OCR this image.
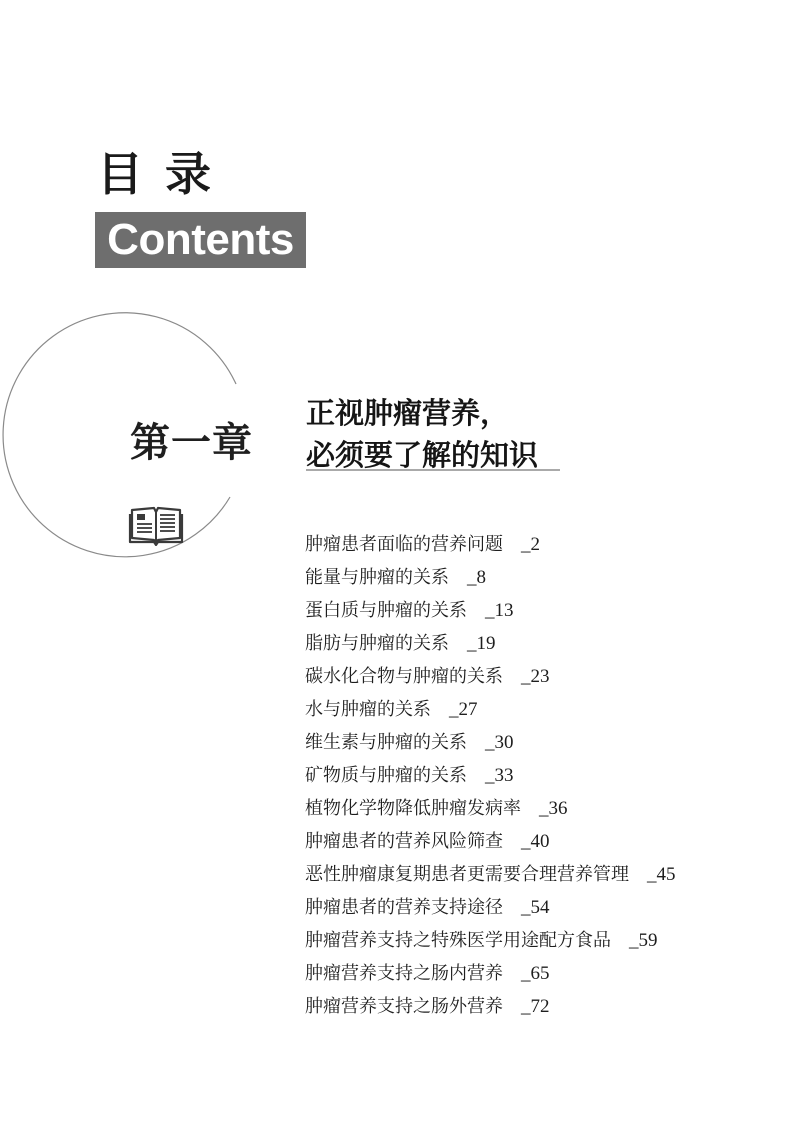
目录
Contents
第一章
正视肿瘤营养，
必须要了解的知识
肿瘤患者面临的营养问题 _2
能量与肿瘤的关系 _8
蛋白质与肿瘤的关系 _13
脂肪与肿瘤的关系 _19
碳水化合物与肿瘤的关系 _23
水与肿瘤的关系 _27
维生素与肿瘤的关系 _30
矿物质与肿瘤的关系 _33
植物化学物降低肿瘤发病率 _36
肿瘤患者的营养风险筛查 _40
恶性肿瘤康复期患者更需要合理营养管理 _45
肿瘤患者的营养支持途径 _54
肿瘤营养支持之特殊医学用途配方食品 _59
肿瘤营养支持之肠内营养 _65
肿瘤营养支持之肠外营养 _72
